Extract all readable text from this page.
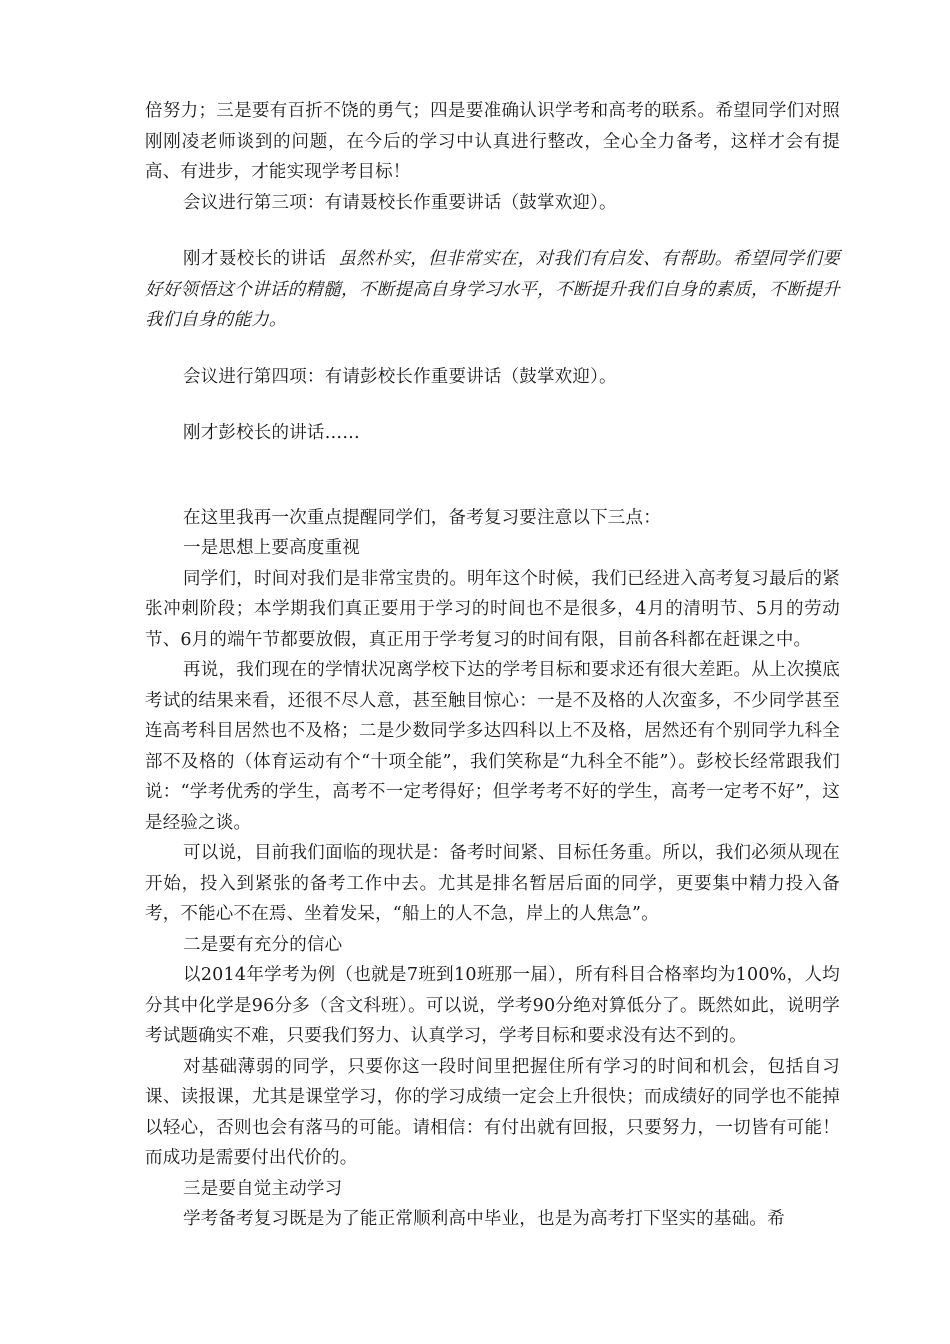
倍努力；三是要有百折不饶的勇气；四是要准确认识学考和高考的联系。希望同学们对照刚刚凌老师谈到的问题，在今后的学习中认真进行整改，全心全力备考，这样才会有提高、有进步，才能实现学考目标！

会议进行第三项：有请聂校长作重要讲话（鼓掌欢迎）。

刚才聂校长的讲话 虽然朴实，但非常实在，对我们有启发、有帮助。希望同学们要好好领悟这个讲话的精髓，不断提高自身学习水平，不断提升我们自身的素质，不断提升我们自身的能力。

会议进行第四项：有请彭校长作重要讲话（鼓掌欢迎）。

刚才彭校长的讲话……

在这里我再一次重点提醒同学们，备考复习要注意以下三点：

一是思想上要高度重视

同学们，时间对我们是非常宝贵的。明年这个时候，我们已经进入高考复习最后的紧张冲刺阶段；本学期我们真正要用于学习的时间也不是很多，4月的清明节、5月的劳动节、6月的端午节都要放假，真正用于学考复习的时间有限，目前各科都在赶课之中。

再说，我们现在的学情状况离学校下达的学考目标和要求还有很大差距。从上次摸底考试的结果来看，还很不尽人意，甚至触目惊心：一是不及格的人次蛮多，不少同学甚至连高考科目居然也不及格；二是少数同学多达四科以上不及格，居然还有个别同学九科全部不及格的（体育运动有个“十项全能”，我们笑称是“九科全不能”）。彭校长经常跟我们说：“学考优秀的学生，高考不一定考得好；但学考考不好的学生，高考一定考不好”，这是经验之谈。

可以说，目前我们面临的现状是：备考时间紧、目标任务重。所以，我们必须从现在开始，投入到紧张的备考工作中去。尤其是排名暂居后面的同学，更要集中精力投入备考，不能心不在焉、坐着发呆，“船上的人不急，岸上的人焦急”。

二是要有充分的信心

以2014年学考为例（也就是7班到10班那一届），所有科目合格率均为100%，人均分其中化学是96分多（含文科班）。可以说，学考90分绝对算低分了。既然如此，说明学考试题确实不难，只要我们努力、认真学习，学考目标和要求没有达不到的。

对基础薄弱的同学，只要你这一段时间里把握住所有学习的时间和机会，包括自习课、读报课，尤其是课堂学习，你的学习成绩一定会上升很快；而成绩好的同学也不能掉以轻心，否则也会有落马的可能。请相信：有付出就有回报，只要努力，一切皆有可能！而成功是需要付出代价的。

三是要自觉主动学习

学考备考复习既是为了能正常顺利高中毕业，也是为高考打下坚实的基础。希
